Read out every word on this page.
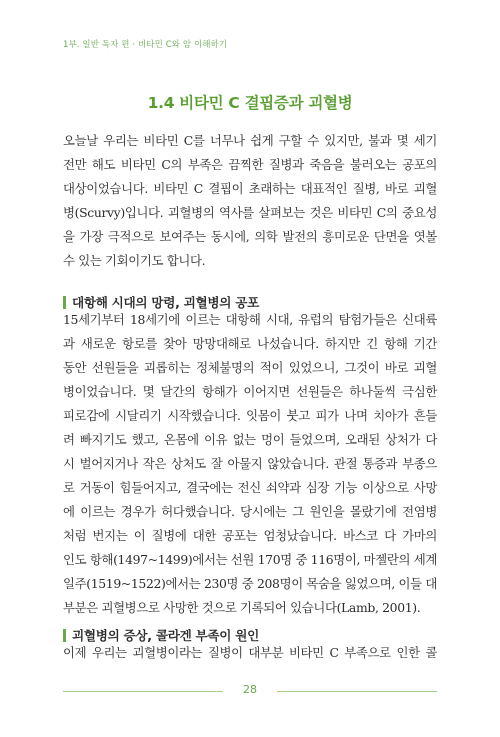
1부. 일반 독자 편 · 비타민 C와 암 이해하기
1.4 비타민 C 결핍증과 괴혈병
오늘날 우리는 비타민 C를 너무나 쉽게 구할 수 있지만, 불과 몇 세기
전만 해도 비타민 C의 부족은 끔찍한 질병과 죽음을 불러오는 공포의
대상이었습니다. 비타민 C 결핍이 초래하는 대표적인 질병, 바로 괴혈
병(Scurvy)입니다. 괴혈병의 역사를 살펴보는 것은 비타민 C의 중요성
을 가장 극적으로 보여주는 동시에, 의학 발전의 흥미로운 단면을 엿볼
수 있는 기회이기도 합니다.
대항해 시대의 망령, 괴혈병의 공포
15세기부터 18세기에 이르는 대항해 시대, 유럽의 탐험가들은 신대륙
과 새로운 항로를 찾아 망망대해로 나섰습니다. 하지만 긴 항해 기간
동안 선원들을 괴롭히는 정체불명의 적이 있었으니, 그것이 바로 괴혈
병이었습니다. 몇 달간의 항해가 이어지면 선원들은 하나둘씩 극심한
피로감에 시달리기 시작했습니다. 잇몸이 붓고 피가 나며 치아가 흔들
려 빠지기도 했고, 온몸에 이유 없는 멍이 들었으며, 오래된 상처가 다
시 벌어지거나 작은 상처도 잘 아물지 않았습니다. 관절 통증과 부종으
로 거동이 힘들어지고, 결국에는 전신 쇠약과 심장 기능 이상으로 사망
에 이르는 경우가 허다했습니다. 당시에는 그 원인을 몰랐기에 전염병
처럼 번지는 이 질병에 대한 공포는 엄청났습니다. 바스코 다 가마의
인도 항해(1497~1499)에서는 선원 170명 중 116명이, 마젤란의 세계
일주(1519~1522)에서는 230명 중 208명이 목숨을 잃었으며, 이들 대
부분은 괴혈병으로 사망한 것으로 기록되어 있습니다(Lamb, 2001).
괴혈병의 증상, 콜라겐 부족이 원인
이제 우리는 괴혈병이라는 질병이 대부분 비타민 C 부족으로 인한 콜
28
